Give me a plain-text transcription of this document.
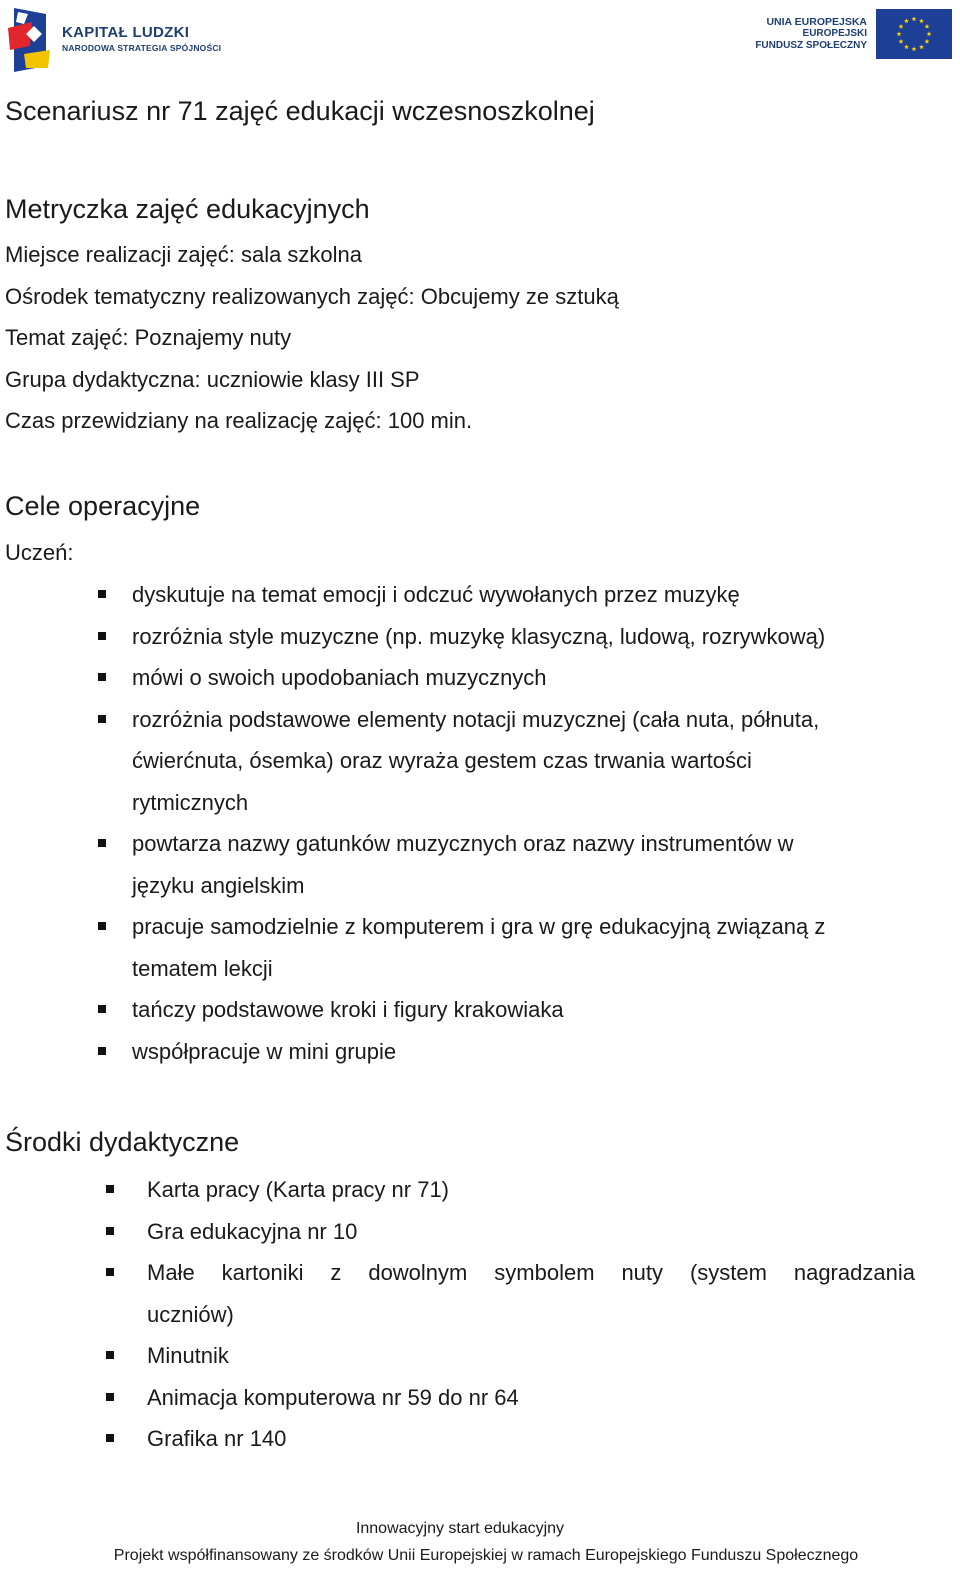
KAPITAŁ LUDZKI
NARODOWA STRATEGIA SPÓJNOŚCI
UNIA EUROPEJSKA
EUROPEJSKI
FUNDUSZ SPOŁECZNY
Scenariusz nr 71 zajęć edukacji wczesnoszkolnej
Metryczka zajęć edukacyjnych

Miejsce realizacji zajęć: sala szkolna

Ośrodek tematyczny realizowanych zajęć: Obcujemy ze sztuką

Temat zajęć: Poznajemy nuty

Grupa dydaktyczna: uczniowie klasy III SP

Czas przewidziany na realizację zajęć: 100 min.

Cele operacyjne

Uczeń:

dyskutuje na temat emocji i odczuć wywołanych przez muzykę
rozróżnia style muzyczne (np. muzykę klasyczną, ludową, rozrywkową)
mówi o swoich upodobaniach muzycznych
rozróżnia podstawowe elementy notacji muzycznej (cała nuta, półnuta,
ćwierćnuta, ósemka) oraz wyraża gestem czas trwania wartości
rytmicznych
powtarza nazwy gatunków muzycznych oraz nazwy instrumentów w
języku angielskim
pracuje samodzielnie z komputerem i gra w grę edukacyjną związaną z
tematem lekcji
tańczy podstawowe kroki i figury krakowiaka
współpracuje w mini grupie
Środki dydaktyczne
Karta pracy (Karta pracy nr 71)
Gra edukacyjna nr 10
Małe kartoniki z dowolnym symbolem nuty (system nagradzania
uczniów)
Minutnik
Animacja komputerowa nr 59 do nr 64
Grafika nr 140
Innowacyjny start edukacyjny
Projekt współfinansowany ze środków Unii Europejskiej w ramach Europejskiego Funduszu Społecznego
